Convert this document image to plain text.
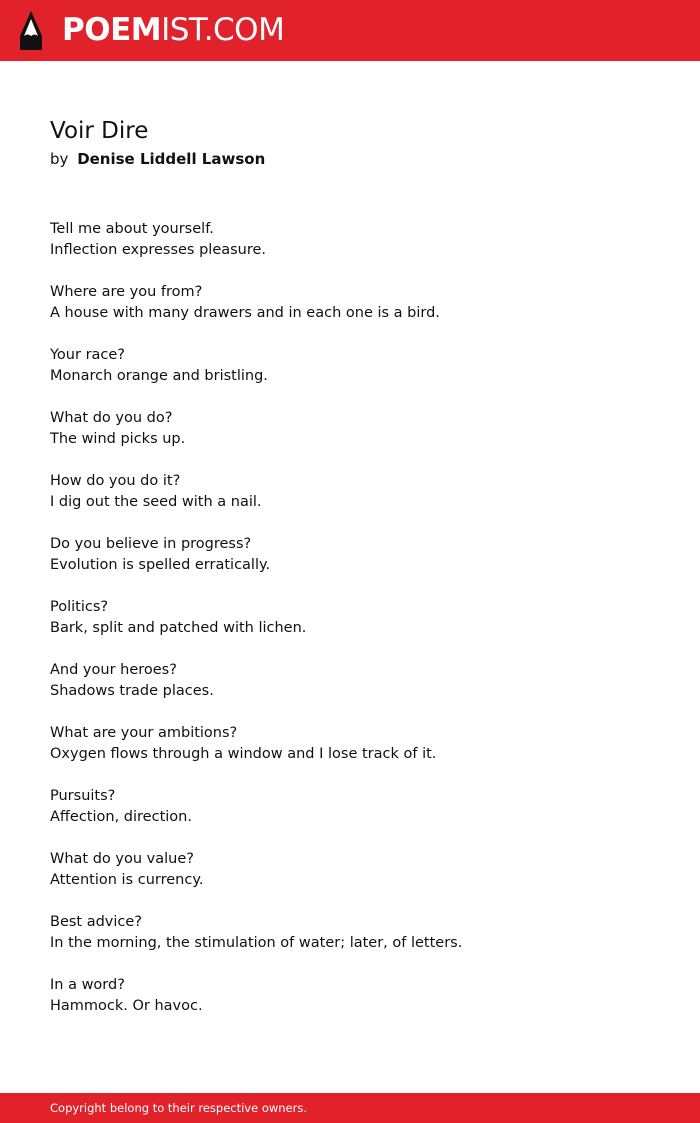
POEMIST.COM
Voir Dire
by Denise Liddell Lawson

Tell me about yourself.
Inflection expresses pleasure.

Where are you from?
A house with many drawers and in each one is a bird.

Your race?
Monarch orange and bristling.

What do you do?
The wind picks up.

How do you do it?
I dig out the seed with a nail.

Do you believe in progress?
Evolution is spelled erratically.

Politics?
Bark, split and patched with lichen.

And your heroes?
Shadows trade places.

What are your ambitions?
Oxygen flows through a window and I lose track of it.

Pursuits?
Affection, direction.

What do you value?
Attention is currency.

Best advice?
In the morning, the stimulation of water; later, of letters.

In a word?
Hammock. Or havoc.

Copyright belong to their respective owners.
